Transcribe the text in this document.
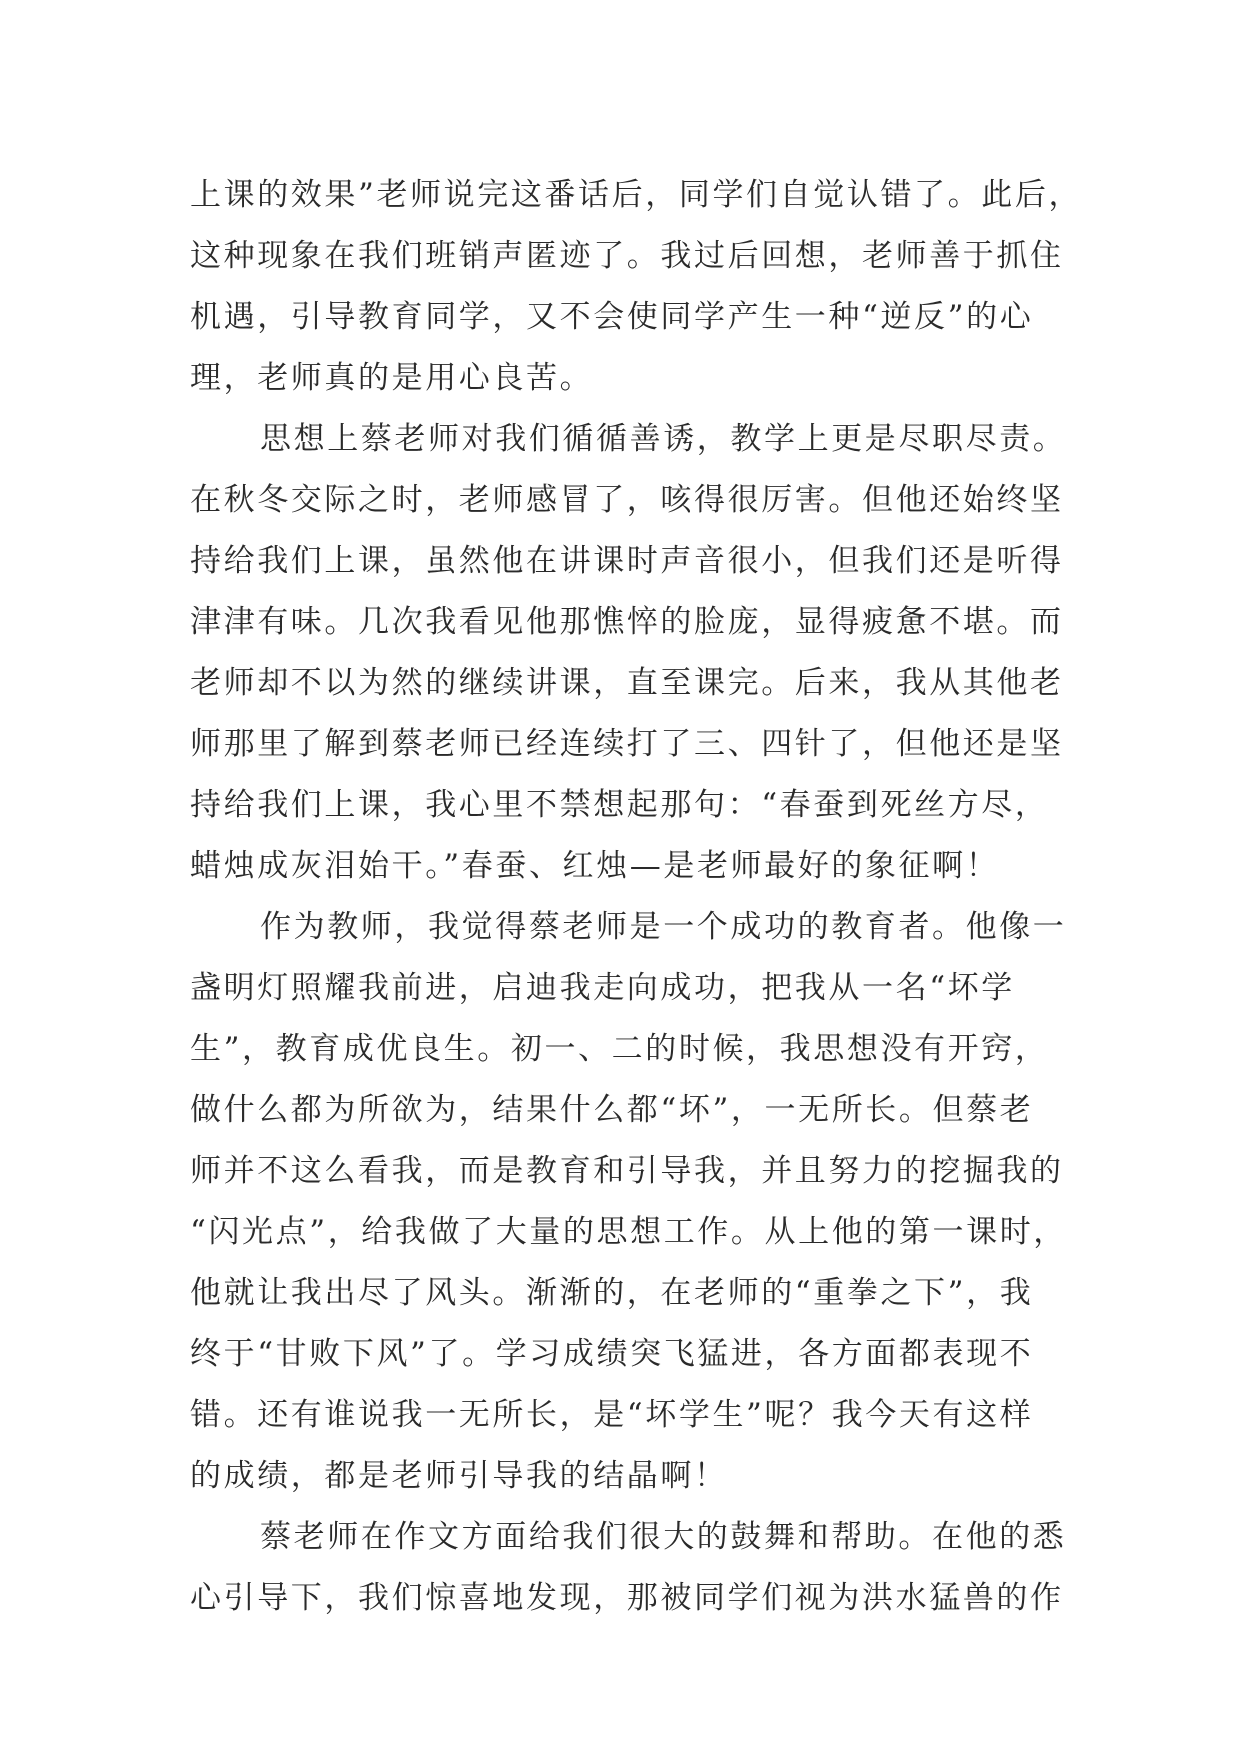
上课的效果”老师说完这番话后，同学们自觉认错了。此后，
这种现象在我们班销声匿迹了。我过后回想，老师善于抓住
机遇，引导教育同学，又不会使同学产生一种“逆反”的心
理，老师真的是用心良苦。
思想上蔡老师对我们循循善诱，教学上更是尽职尽责。
在秋冬交际之时，老师感冒了，咳得很厉害。但他还始终坚
持给我们上课，虽然他在讲课时声音很小，但我们还是听得
津津有味。几次我看见他那憔悴的脸庞，显得疲惫不堪。而
老师却不以为然的继续讲课，直至课完。后来，我从其他老
师那里了解到蔡老师已经连续打了三、四针了，但他还是坚
持给我们上课，我心里不禁想起那句：“春蚕到死丝方尽，
蜡烛成灰泪始干。”春蚕、红烛—是老师最好的象征啊！
作为教师，我觉得蔡老师是一个成功的教育者。他像一
盏明灯照耀我前进，启迪我走向成功，把我从一名“坏学
生”，教育成优良生。初一、二的时候，我思想没有开窍，
做什么都为所欲为，结果什么都“坏”，一无所长。但蔡老
师并不这么看我，而是教育和引导我，并且努力的挖掘我的
“闪光点”，给我做了大量的思想工作。从上他的第一课时，
他就让我出尽了风头。渐渐的，在老师的“重拳之下”，我
终于“甘败下风”了。学习成绩突飞猛进，各方面都表现不
错。还有谁说我一无所长，是“坏学生”呢？我今天有这样
的成绩，都是老师引导我的结晶啊！
蔡老师在作文方面给我们很大的鼓舞和帮助。在他的悉
心引导下，我们惊喜地发现，那被同学们视为洪水猛兽的作
